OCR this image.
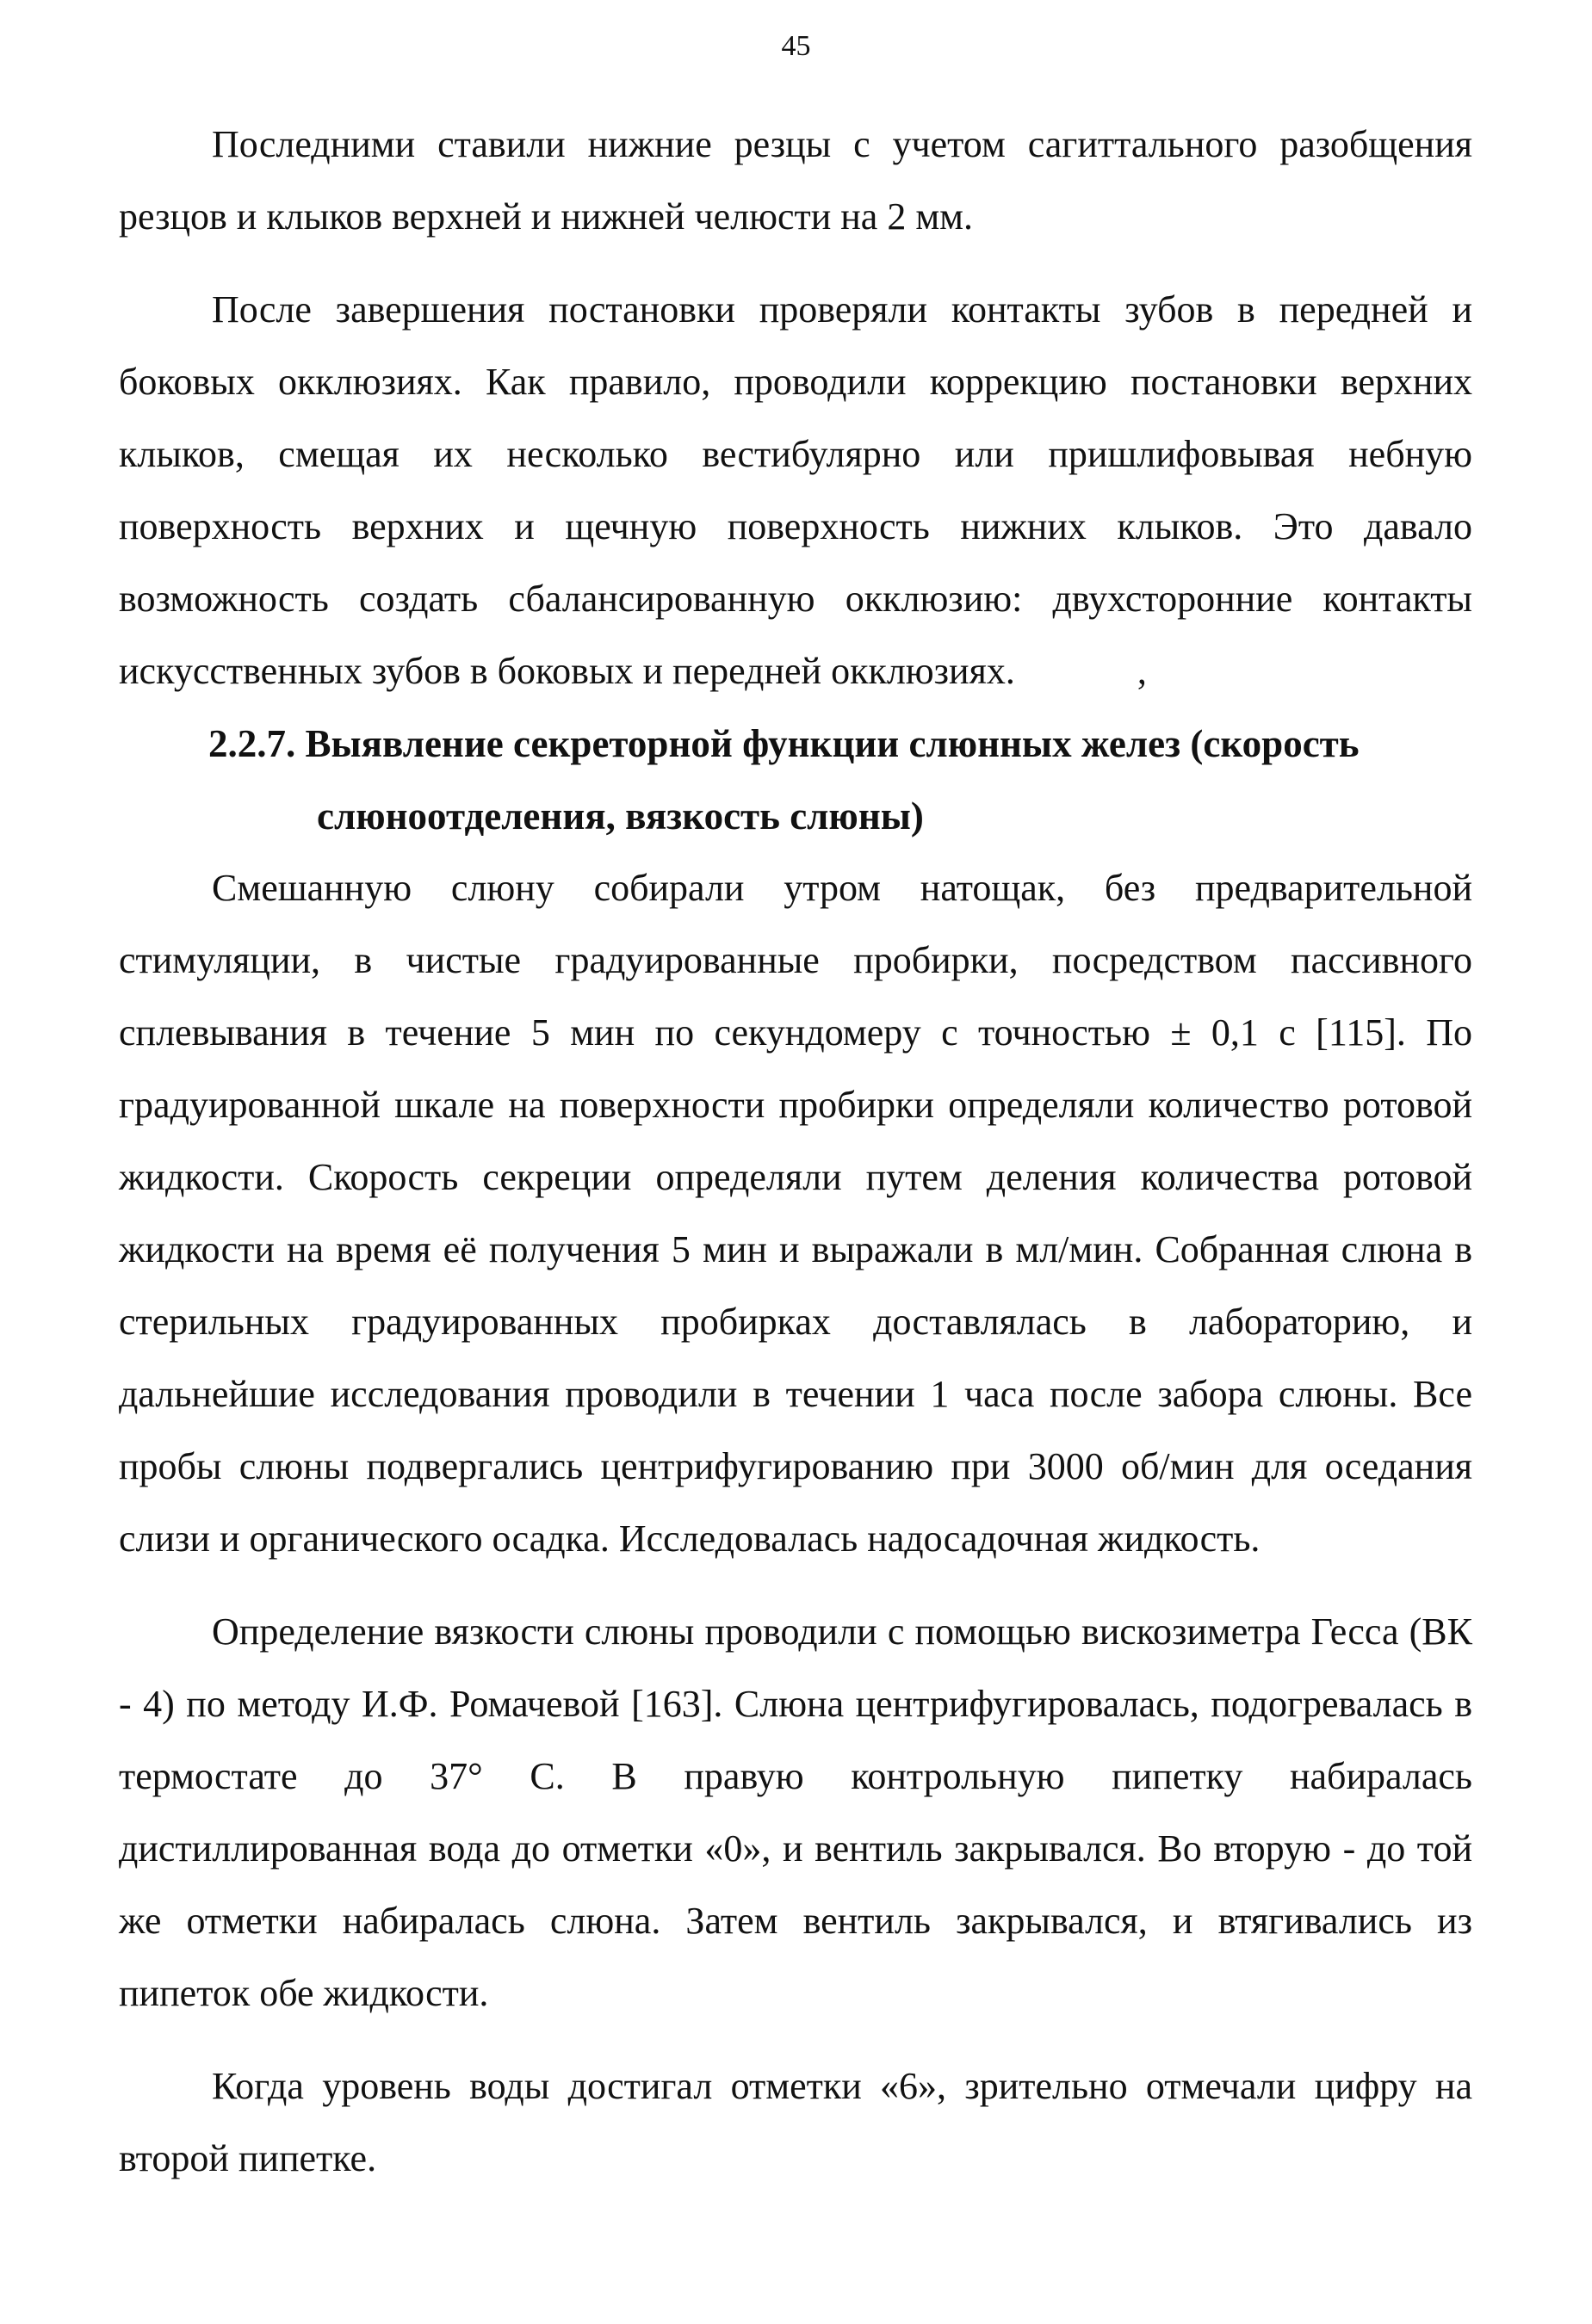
45

Последними ставили нижние резцы с учетом сагиттального разобщения резцов и клыков верхней и нижней челюсти на 2 мм.

После завершения постановки проверяли контакты зубов в передней и боковых окклюзиях. Как правило, проводили коррекцию постановки верхних клыков, смещая их несколько вестибулярно или пришлифовывая небную поверхность верхних и щечную поверхность нижних клыков. Это давало возможность создать сбалансированную окклюзию: двухсторонние контакты искусственных зубов в боковых и передней окклюзиях.	,

2.2.7. Выявление секреторной функции слюнных желез (скорость
слюноотделения, вязкость слюны)

Смешанную слюну собирали утром натощак, без предварительной стимуляции, в чистые градуированные пробирки, посредством пассивного сплевывания в течение 5 мин по секундомеру с точностью ± 0,1 с [115]. По градуированной шкале на поверхности пробирки определяли количество ротовой жидкости. Скорость секреции определяли путем деления количества ротовой жидкости на время её получения 5 мин и выражали в мл/мин. Собранная слюна в стерильных градуированных пробирках доставлялась в лабораторию, и дальнейшие исследования проводили в течении 1 часа после забора слюны. Все пробы слюны подвергались центрифугированию при 3000 об/мин для оседания слизи и органического осадка. Исследовалась надосадочная жидкость.

Определение вязкости слюны проводили с помощью вискозиметра Гесса (ВК - 4) по методу И.Ф. Ромачевой [163]. Слюна центрифугировалась, подогревалась в термостате до 37° С. В правую контрольную пипетку набиралась дистиллированная вода до отметки «0», и вентиль закрывался. Во вторую - до той же отметки набиралась слюна. Затем вентиль закрывался, и втягивались из пипеток обе жидкости.

Когда уровень воды достигал отметки «6», зрительно отмечали цифру на второй пипетке.
